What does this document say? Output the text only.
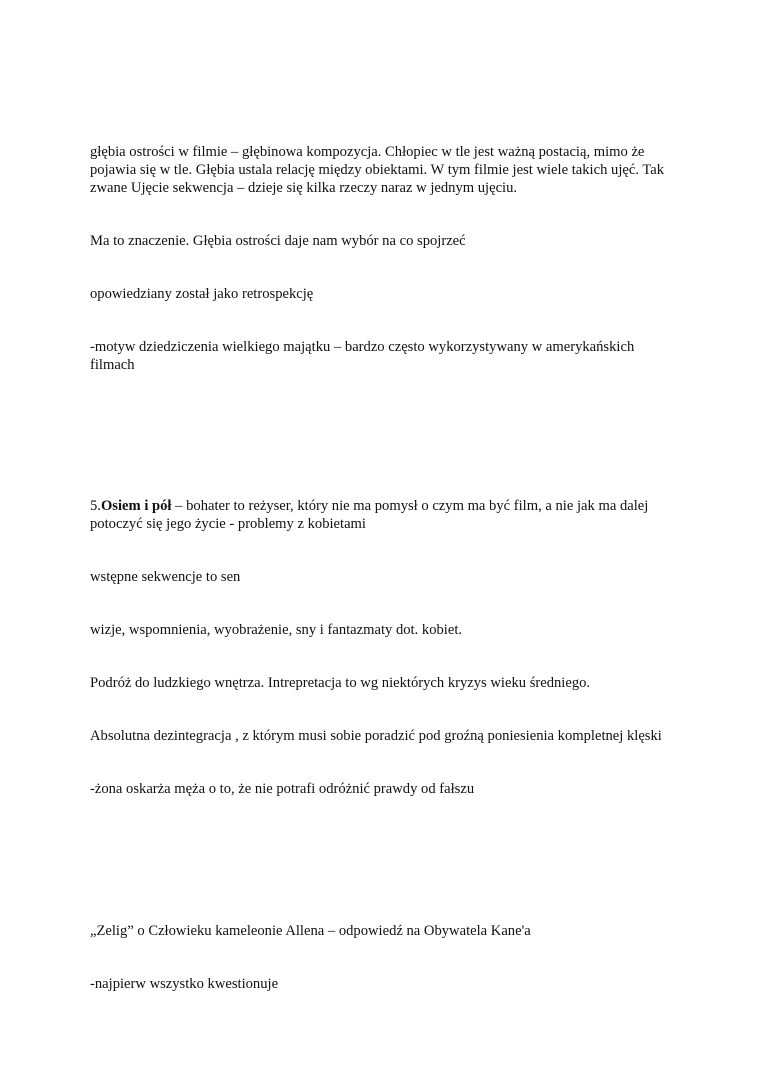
głębia ostrości w filmie – głębinowa kompozycja. Chłopiec w tle jest ważną postacią, mimo że pojawia się w tle. Głębia ustala relację między obiektami. W tym filmie jest wiele takich ujęć. Tak zwane Ujęcie sekwencja – dzieje się kilka rzeczy naraz w jednym ujęciu.

Ma to znaczenie. Głębia ostrości daje nam wybór na co spojrzeć

opowiedziany został jako retrospekcję

-motyw dziedziczenia wielkiego majątku – bardzo często wykorzystywany w amerykańskich filmach

5.Osiem i pół – bohater to reżyser, który nie ma pomysł o czym ma być film, a nie jak ma dalej potoczyć się jego życie - problemy z kobietami

wstępne sekwencje to sen

wizje, wspomnienia, wyobrażenie, sny i fantazmaty dot. kobiet.

Podróż do ludzkiego wnętrza. Intrepretacja to wg niektórych kryzys wieku średniego.

Absolutna dezintegracja , z którym musi sobie poradzić pod groźną poniesienia kompletnej klęski

-żona oskarża męża o to, że nie potrafi odróżnić prawdy od fałszu

„Zelig” o Człowieku kameleonie Allena – odpowiedź na Obywatela Kane'a

-najpierw wszystko kwestionuje
